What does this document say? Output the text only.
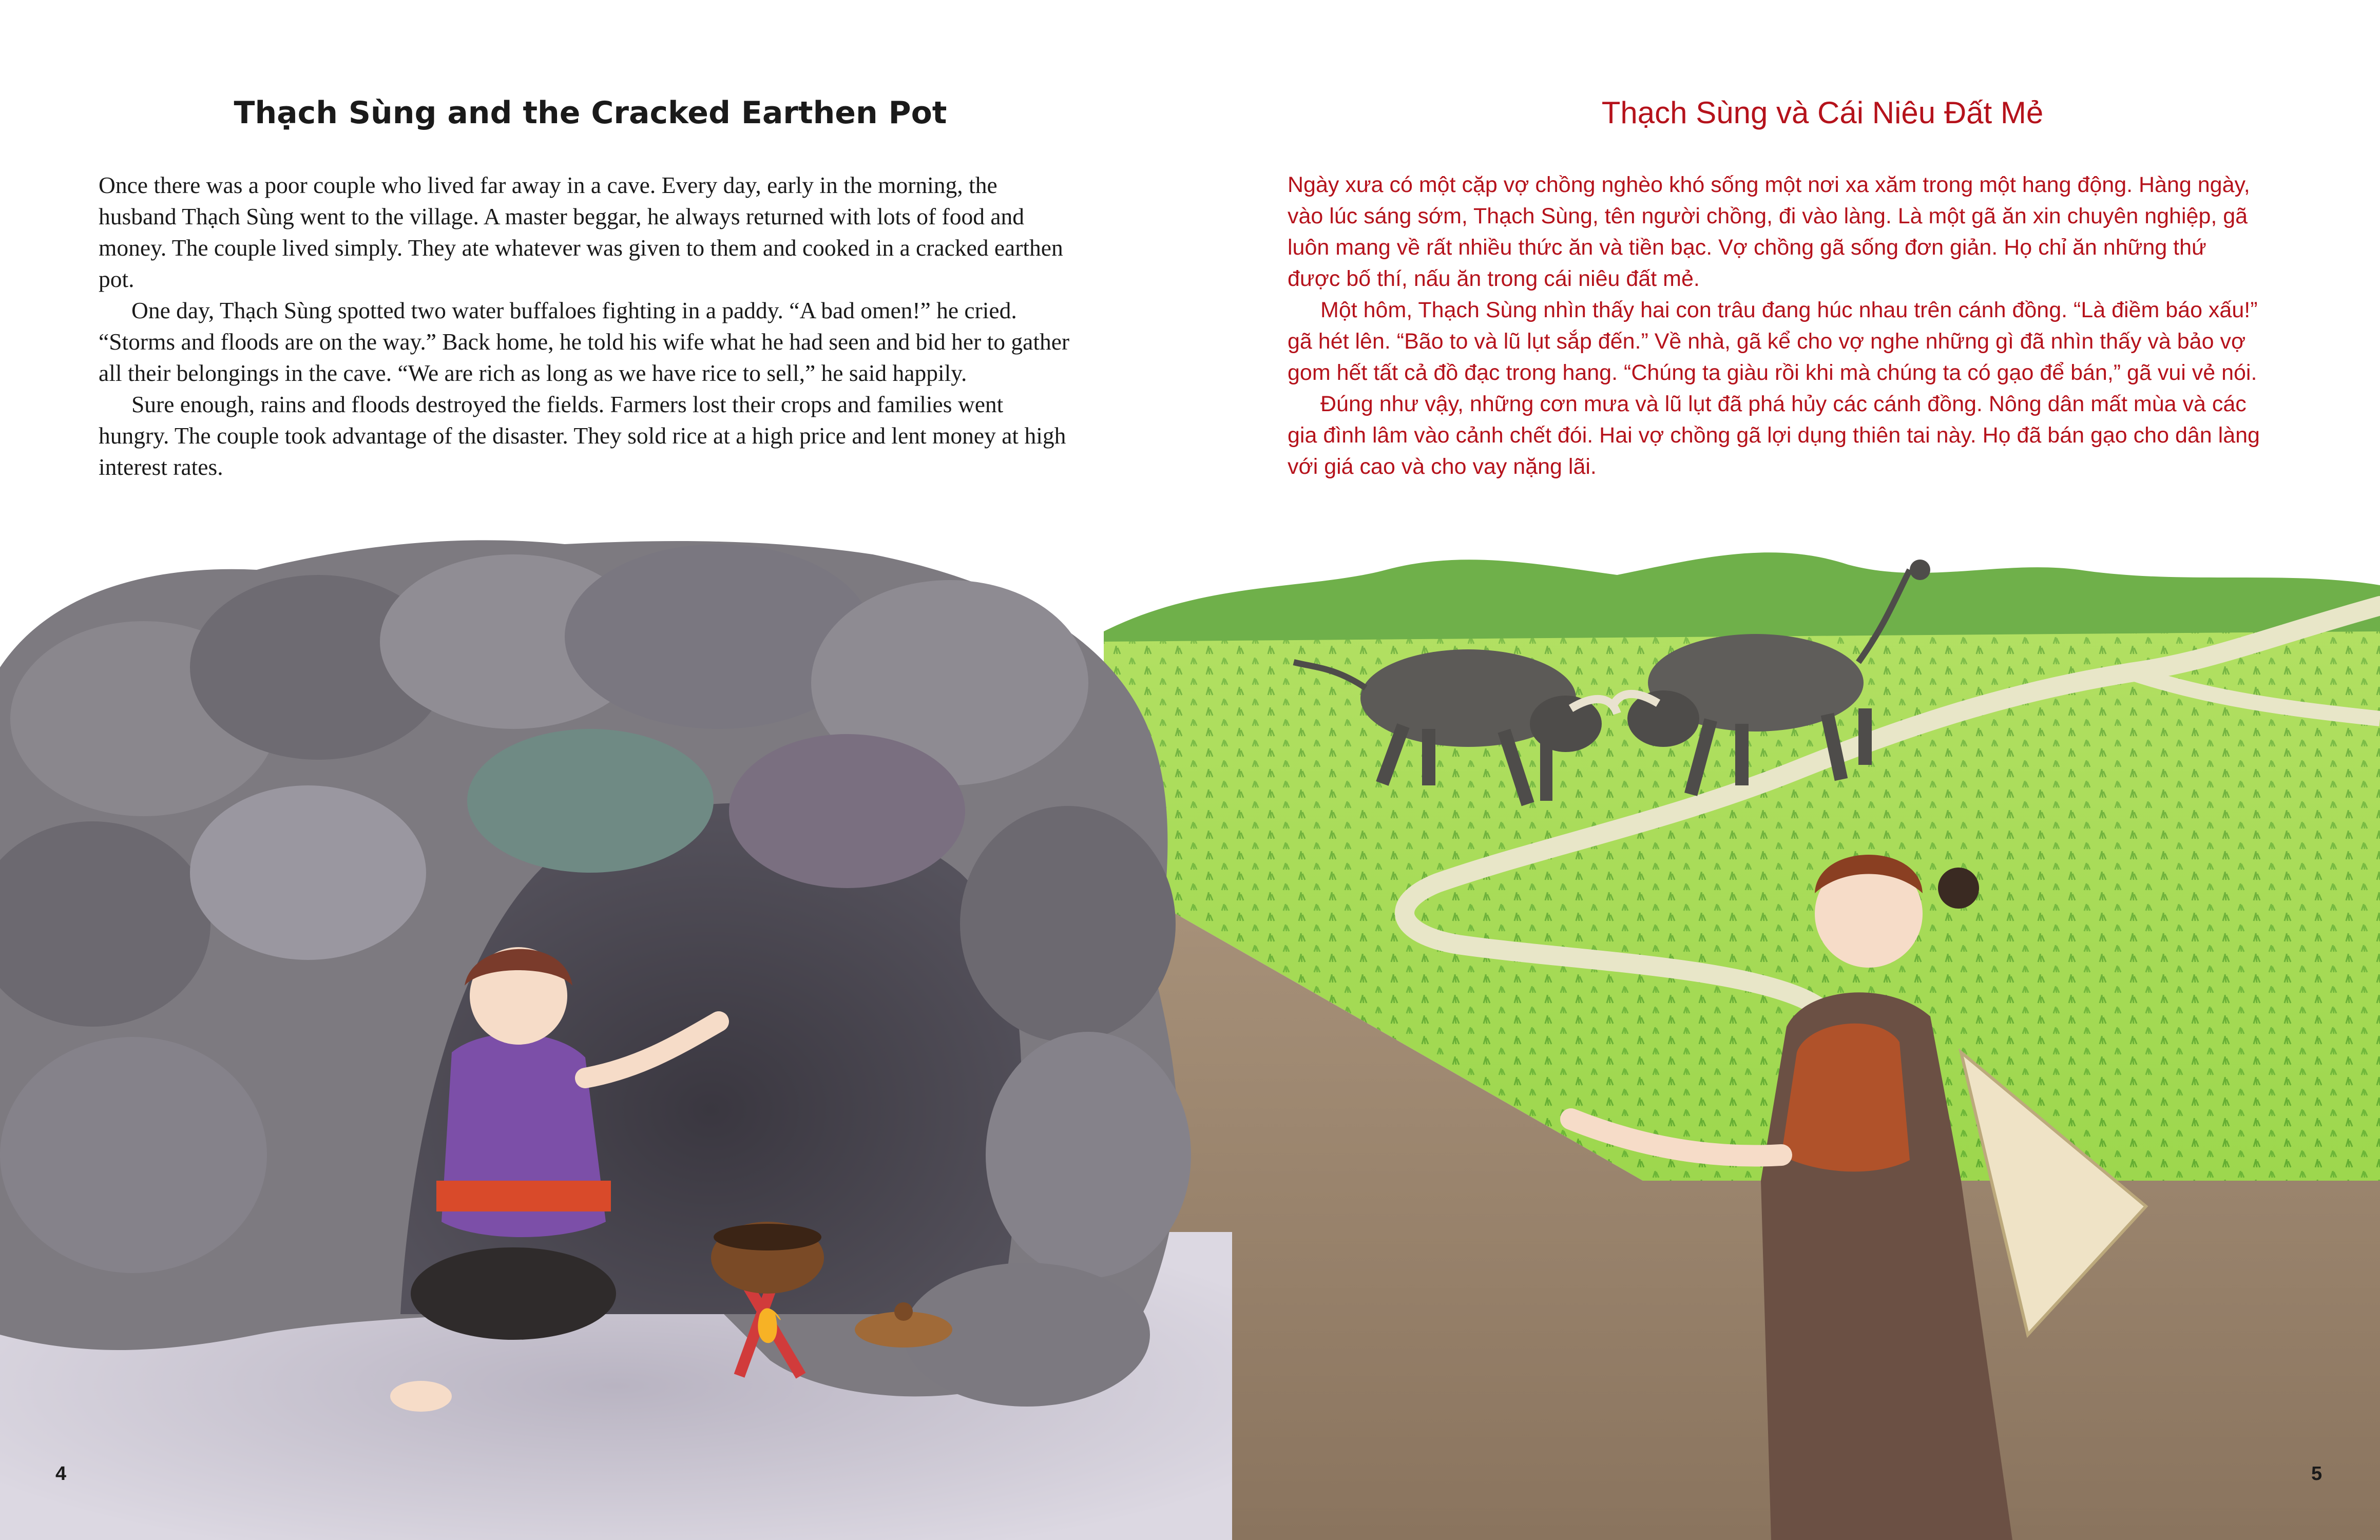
Thạch Sùng and the Cracked Earthen Pot

Once there was a poor couple who lived far away in a cave. Every day, early in the morning, the husband Thạch Sùng went to the village. A master beggar, he always returned with lots of food and money. The couple lived simply. They ate whatever was given to them and cooked in a cracked earthen pot.

One day, Thạch Sùng spotted two water buffaloes fighting in a paddy. “A bad omen!” he cried. “Storms and floods are on the way.” Back home, he told his wife what he had seen and bid her to gather all their belongings in the cave. “We are rich as long as we have rice to sell,” he said happily.

Sure enough, rains and floods destroyed the fields. Farmers lost their crops and families went hungry. The couple took advantage of the disaster. They sold rice at a high price and lent money at high interest rates.

4
Thạch Sùng và Cái Niêu Đất Mẻ

Ngày xưa có một cặp vợ chồng nghèo khó sống một nơi xa xăm trong một hang động. Hàng ngày, vào lúc sáng sớm, Thạch Sùng, tên người chồng, đi vào làng. Là một gã ăn xin chuyên nghiệp, gã luôn mang về rất nhiều thức ăn và tiền bạc. Vợ chồng gã sống đơn giản. Họ chỉ ăn những thứ được bố thí, nấu ăn trong cái niêu đất mẻ.

Một hôm, Thạch Sùng nhìn thấy hai con trâu đang húc nhau trên cánh đồng. “Là điềm báo xấu!” gã hét lên. “Bão to và lũ lụt sắp đến.” Về nhà, gã kể cho vợ nghe những gì đã nhìn thấy và bảo vợ gom hết tất cả đồ đạc trong hang. “Chúng ta giàu rồi khi mà chúng ta có gạo để bán,” gã vui vẻ nói.

Đúng như vậy, những cơn mưa và lũ lụt đã phá hủy các cánh đồng. Nông dân mất mùa và các gia đình lâm vào cảnh chết đói. Hai vợ chồng gã lợi dụng thiên tai này. Họ đã bán gạo cho dân làng với giá cao và cho vay nặng lãi.

5
